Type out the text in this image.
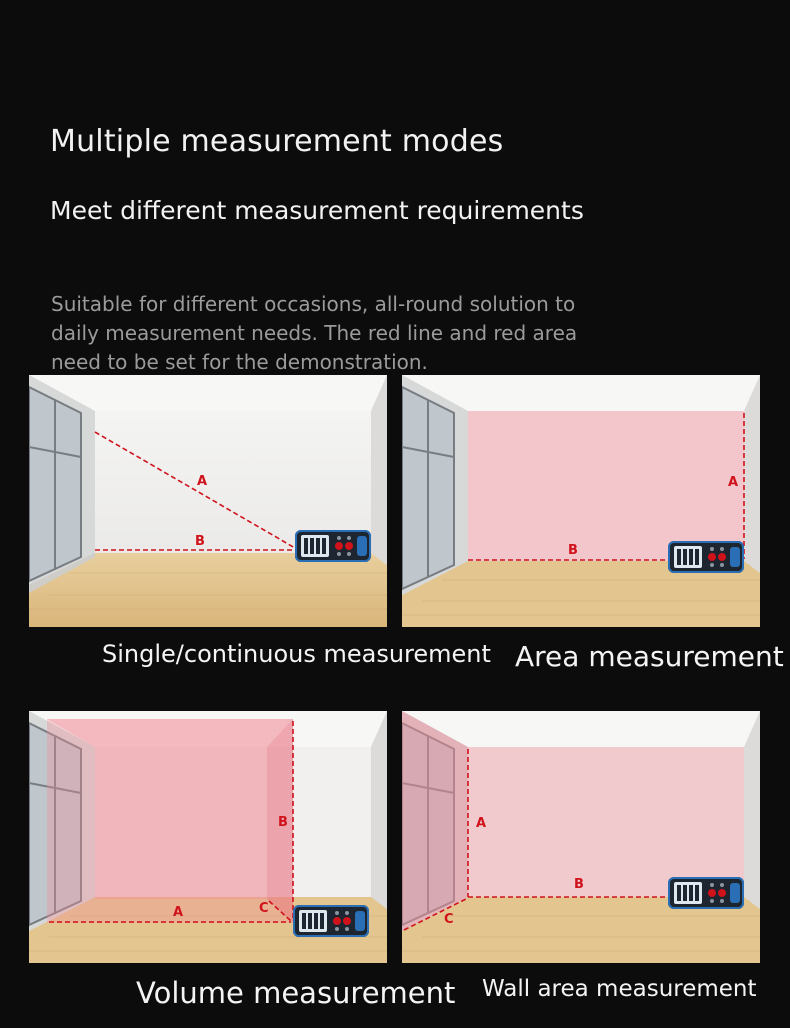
Multiple measurement modes
Meet different measurement requirements
Suitable for different occasions, all-round solution to daily measurement needs. The red line and red area need to be set for the demonstration.
A
B
A
B
Single/continuous measurement Area measurement
A
B
C
A
B
C
Volume measurement Wall area measurement
